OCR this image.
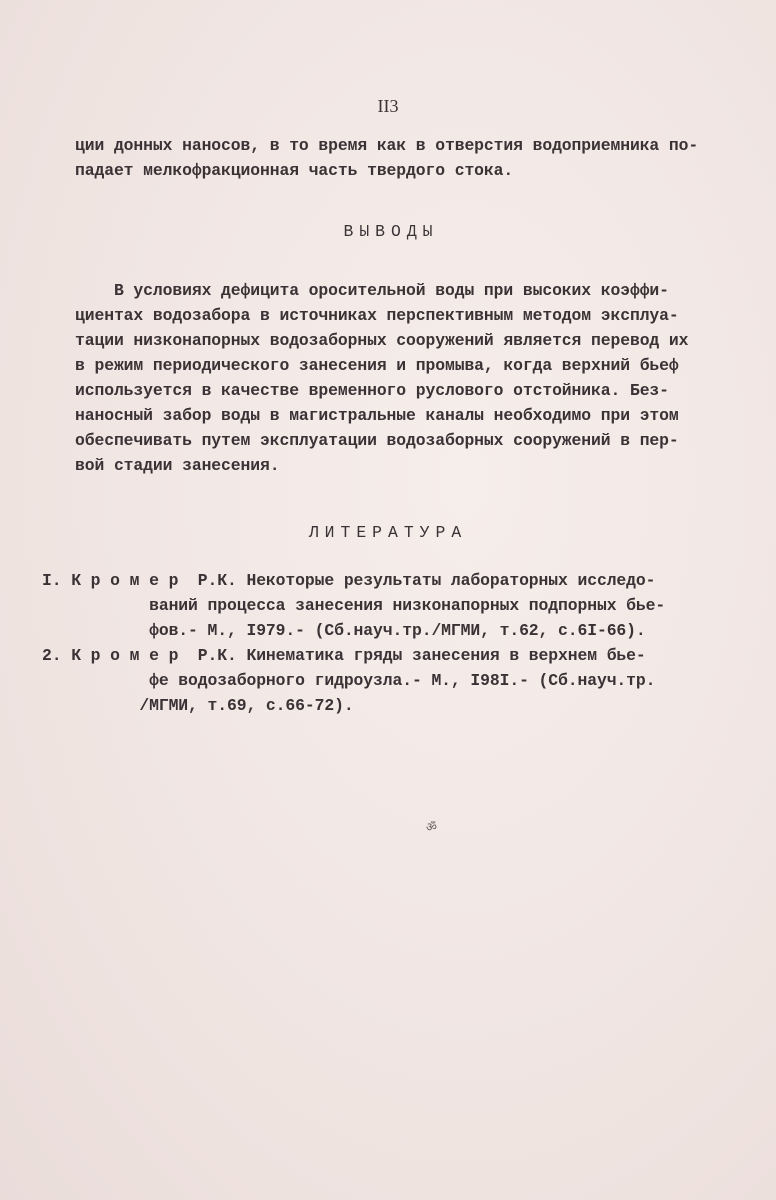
II3
ции донных наносов, в то время как в отверстия водоприемника по-
падает мелкофракционная часть твердого стока.
ВЫВОДЫ
В условиях дефицита оросительной воды при высоких коэффи-
циентах водозабора в источниках перспективным методом эксплуа-
тации низконапорных водозаборных сооружений является перевод их
в режим периодического занесения и промыва, когда верхний бьеф
используется в качестве временного руслового отстойника. Без-
наносный забор воды в магистральные каналы необходимо при этом
обеспечивать путем эксплуатации водозаборных сооружений в пер-
вой стадии занесения.
ЛИТЕРАТУРА
I. К р о м е р  Р.К. Некоторые результаты лабораторных исследо-
ваний процесса занесения низконапорных подпорных бье-
фов.- М., I979.- (Сб.науч.тр./МГМИ, т.62, с.6I-66).
2. К р о м е р  Р.К. Кинематика гряды занесения в верхнем бье-
фе водозаборного гидроузла.- М., I98I.- (Сб.науч.тр.
/МГМИ, т.69, с.66-72).
ॐ
